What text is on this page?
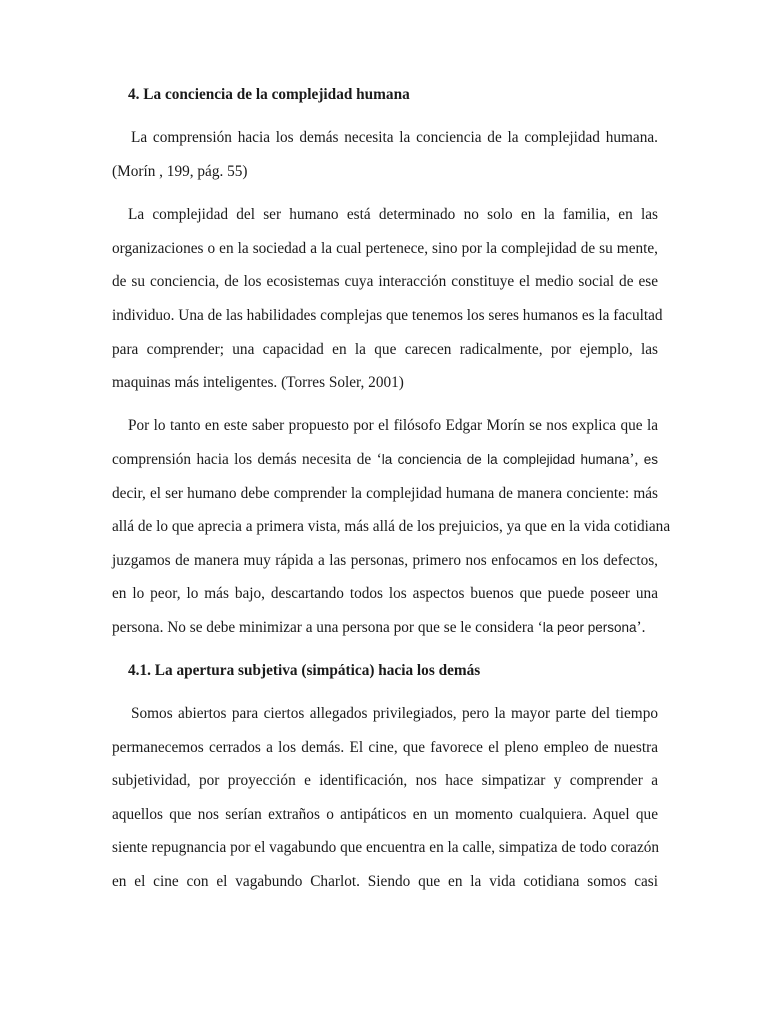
4. La conciencia de la complejidad humana
La comprensión hacia los demás necesita la conciencia de la complejidad humana.
(Morín , 199, pág. 55)
La complejidad del ser humano está determinado no solo en la familia, en las
organizaciones o en la sociedad a la cual pertenece, sino por la complejidad de su mente,
de su conciencia, de los ecosistemas cuya interacción constituye el medio social de ese
individuo. Una de las habilidades complejas que tenemos los seres humanos es la facultad
para comprender; una capacidad en la que carecen radicalmente, por ejemplo, las
maquinas más inteligentes. (Torres Soler, 2001)
Por lo tanto en este saber propuesto por el filósofo Edgar Morín se nos explica que la
comprensión hacia los demás necesita de ‘la conciencia de la complejidad humana’, es
decir, el ser humano debe comprender la complejidad humana de manera conciente: más
allá de lo que aprecia a primera vista, más allá de los prejuicios, ya que en la vida cotidiana
juzgamos de manera muy rápida a las personas, primero nos enfocamos en los defectos,
en lo peor, lo más bajo, descartando todos los aspectos buenos que puede poseer una
persona. No se debe minimizar a una persona por que se le considera ‘la peor persona’.
4.1. La apertura subjetiva (simpática) hacia los demás
Somos abiertos para ciertos allegados privilegiados, pero la mayor parte del tiempo
permanecemos cerrados a los demás. El cine, que favorece el pleno empleo de nuestra
subjetividad, por proyección e identificación, nos hace simpatizar y comprender a
aquellos que nos serían extraños o antipáticos en un momento cualquiera. Aquel que
siente repugnancia por el vagabundo que encuentra en la calle, simpatiza de todo corazón
en el cine con el vagabundo Charlot. Siendo que en la vida cotidiana somos casi
